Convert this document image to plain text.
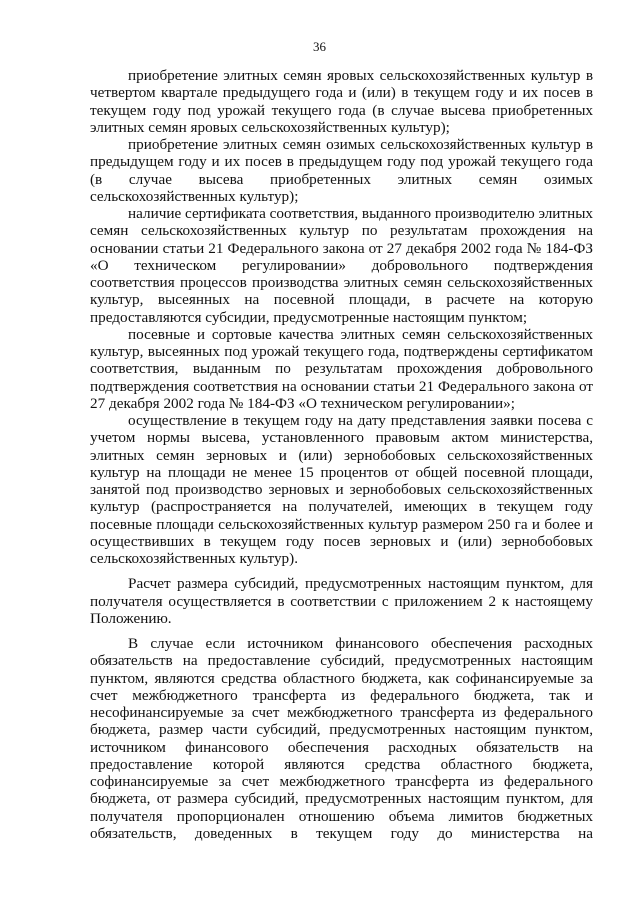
36

приобретение элитных семян яровых сельскохозяйственных культур в четвертом квартале предыдущего года и (или) в текущем году и их посев в текущем году под урожай текущего года (в случае высева приобретенных элитных семян яровых сельскохозяйственных культур);

приобретение элитных семян озимых сельскохозяйственных культур в предыдущем году и их посев в предыдущем году под урожай текущего года (в случае высева приобретенных элитных семян озимых сельскохозяйственных культур);

наличие сертификата соответствия, выданного производителю элитных семян сельскохозяйственных культур по результатам прохождения на основании статьи 21 Федерального закона от 27 декабря 2002 года № 184-ФЗ «О техническом регулировании» добровольного подтверждения соответствия процессов производства элитных семян сельскохозяйственных культур, высеянных на посевной площади, в расчете на которую предоставляются субсидии, предусмотренные настоящим пунктом;

посевные и сортовые качества элитных семян сельскохозяйственных культур, высеянных под урожай текущего года, подтверждены сертификатом соответствия, выданным по результатам прохождения добровольного подтверждения соответствия на основании статьи 21 Федерального закона от 27 декабря 2002 года № 184-ФЗ «О техническом регулировании»;

осуществление в текущем году на дату представления заявки посева с учетом нормы высева, установленного правовым актом министерства, элитных семян зерновых и (или) зернобобовых сельскохозяйственных культур на площади не менее 15 процентов от общей посевной площади, занятой под производство зерновых и зернобобовых сельскохозяйственных культур (распространяется на получателей, имеющих в текущем году посевные площади сельскохозяйственных культур размером 250 га и более и осуществивших в текущем году посев зерновых и (или) зернобобовых сельскохозяйственных культур).

Расчет размера субсидий, предусмотренных настоящим пунктом, для получателя осуществляется в соответствии с приложением 2 к настоящему Положению.

В случае если источником финансового обеспечения расходных обязательств на предоставление субсидий, предусмотренных настоящим пунктом, являются средства областного бюджета, как софинансируемые за счет межбюджетного трансферта из федерального бюджета, так и несофинансируемые за счет межбюджетного трансферта из федерального бюджета, размер части субсидий, предусмотренных настоящим пунктом, источником финансового обеспечения расходных обязательств на предоставление которой являются средства областного бюджета, софинансируемые за счет межбюджетного трансферта из федерального бюджета, от размера субсидий, предусмотренных настоящим пунктом, для получателя пропорционален отношению объема лимитов бюджетных обязательств, доведенных в текущем году до министерства на
